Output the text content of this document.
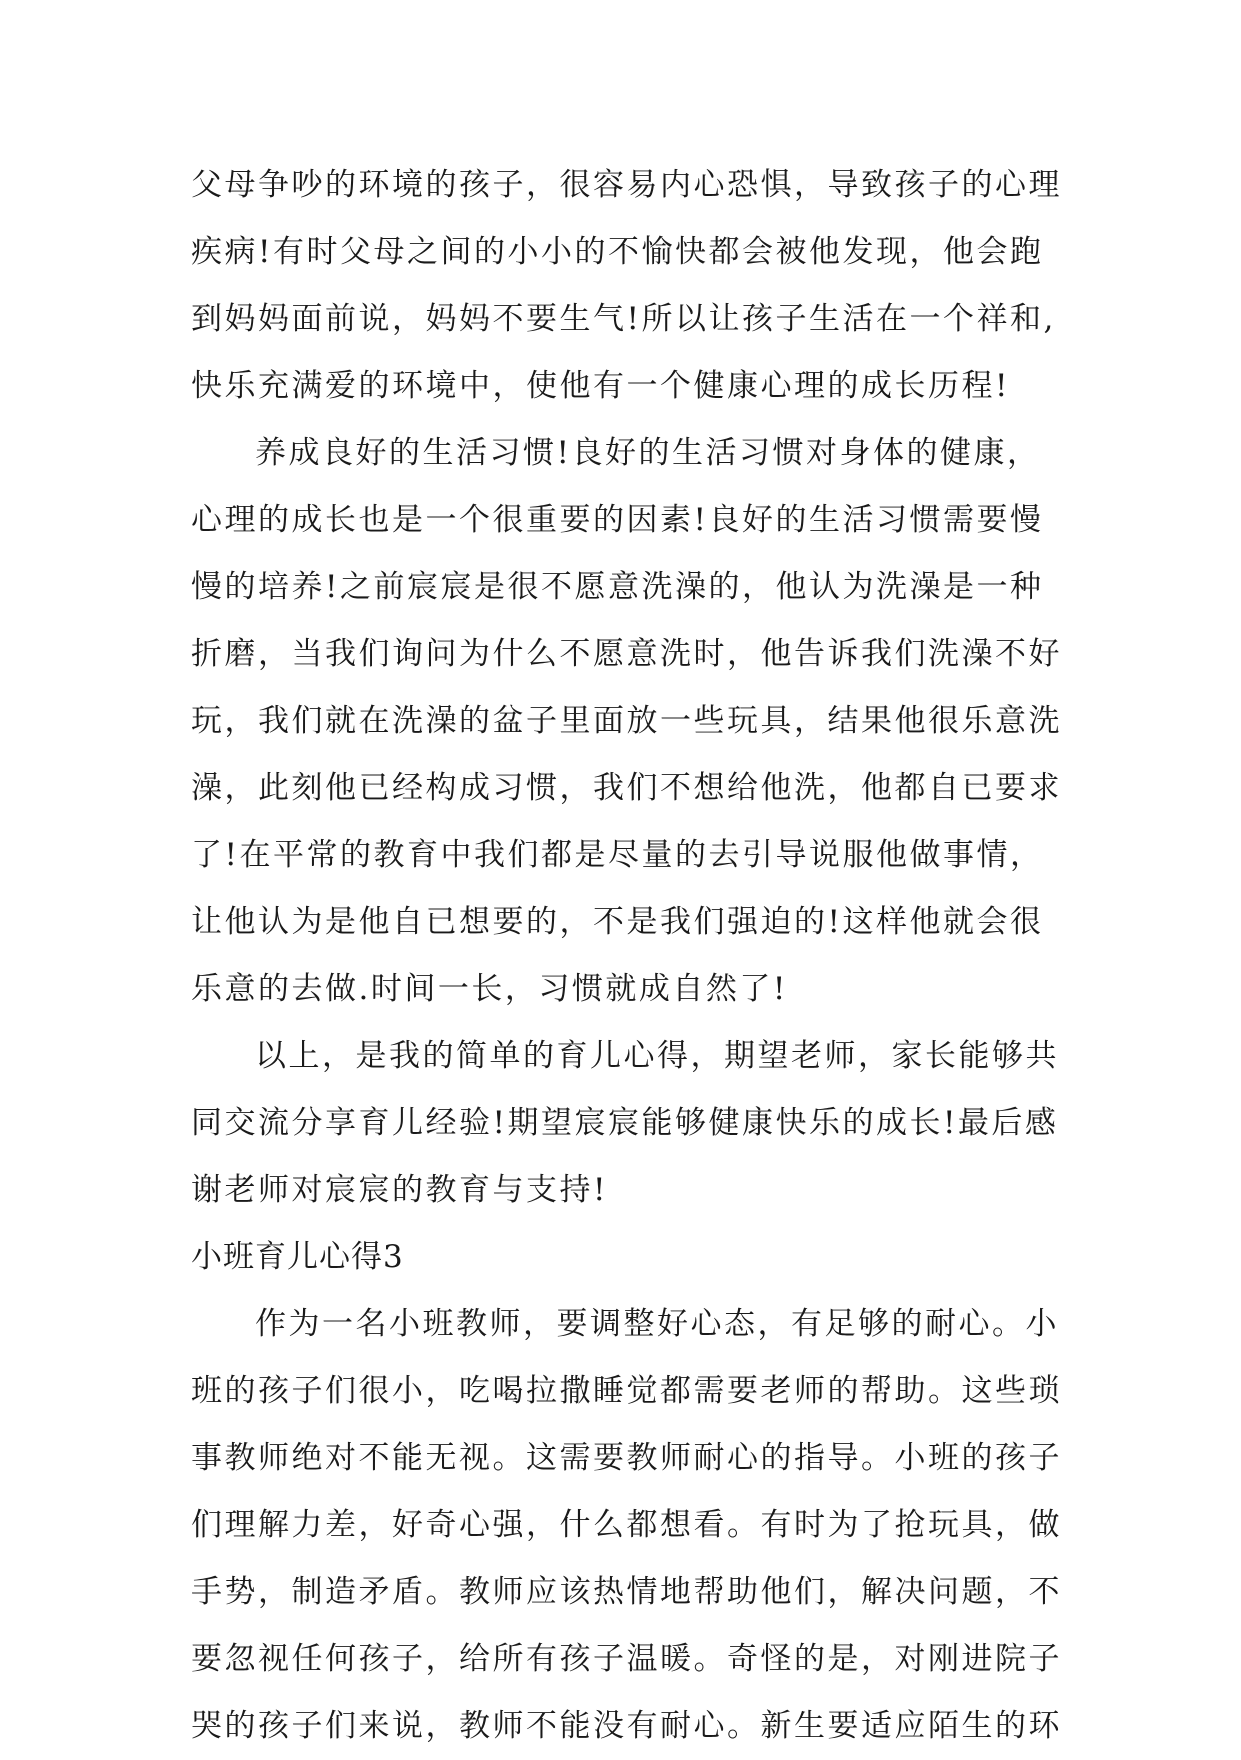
父母争吵的环境的孩子，很容易内心恐惧，导致孩子的心理
疾病!有时父母之间的小小的不愉快都会被他发现，他会跑
到妈妈面前说，妈妈不要生气!所以让孩子生活在一个祥和,
快乐充满爱的环境中，使他有一个健康心理的成长历程!
养成良好的生活习惯!良好的生活习惯对身体的健康，
心理的成长也是一个很重要的因素!良好的生活习惯需要慢
慢的培养!之前宸宸是很不愿意洗澡的，他认为洗澡是一种
折磨，当我们询问为什么不愿意洗时，他告诉我们洗澡不好
玩，我们就在洗澡的盆子里面放一些玩具，结果他很乐意洗
澡，此刻他已经构成习惯，我们不想给他洗，他都自已要求
了!在平常的教育中我们都是尽量的去引导说服他做事情，
让他认为是他自已想要的，不是我们强迫的!这样他就会很
乐意的去做.时间一长，习惯就成自然了!
以上，是我的简单的育儿心得，期望老师，家长能够共
同交流分享育儿经验!期望宸宸能够健康快乐的成长!最后感
谢老师对宸宸的教育与支持!
小班育儿心得3
作为一名小班教师，要调整好心态，有足够的耐心。小
班的孩子们很小，吃喝拉撒睡觉都需要老师的帮助。这些琐
事教师绝对不能无视。这需要教师耐心的指导。小班的孩子
们理解力差，好奇心强，什么都想看。有时为了抢玩具，做
手势，制造矛盾。教师应该热情地帮助他们，解决问题，不
要忽视任何孩子，给所有孩子温暖。奇怪的是，对刚进院子
哭的孩子们来说，教师不能没有耐心。新生要适应陌生的环
